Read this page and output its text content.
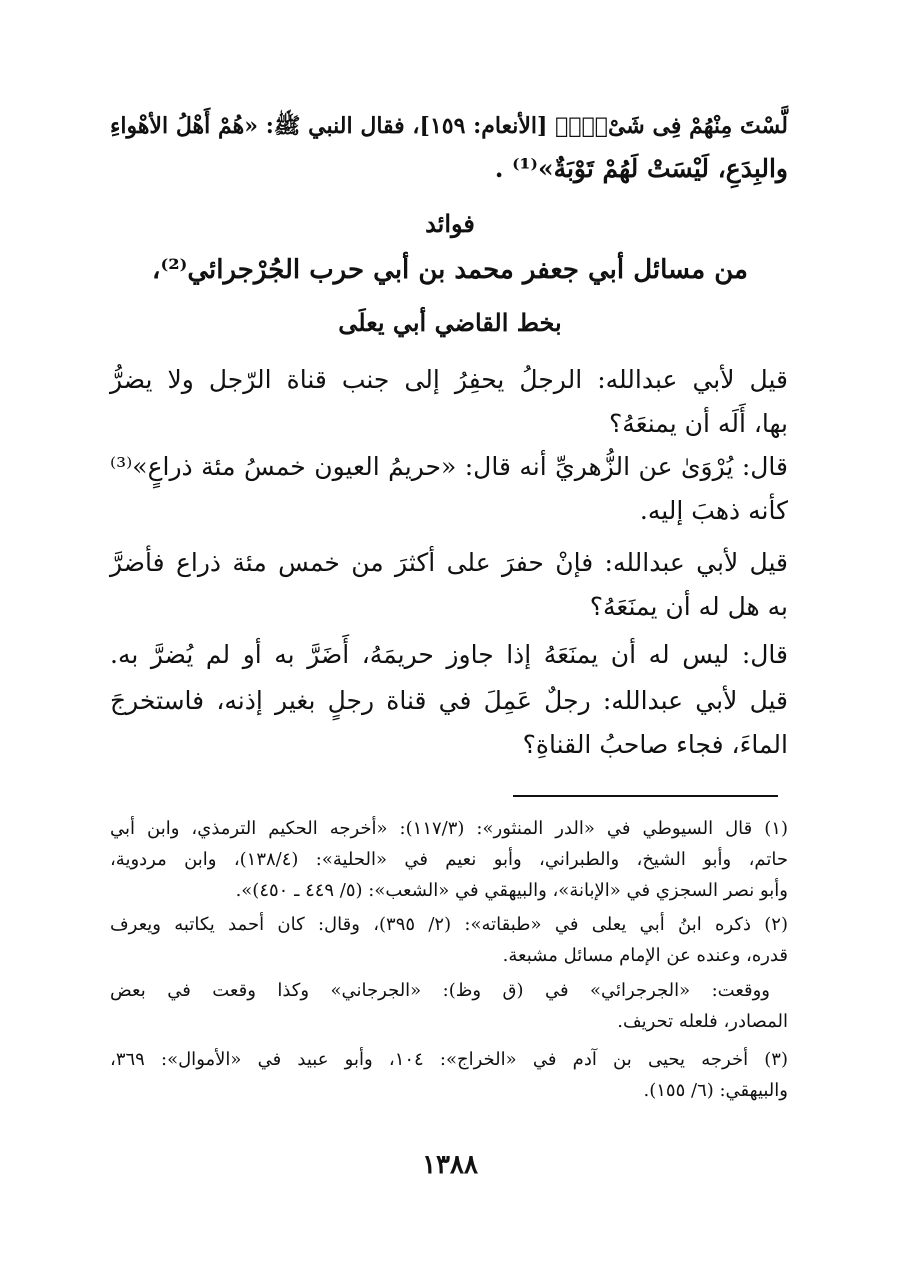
لَّسْتَ مِنْهُمْ فِى شَىْءٍۚ﴾ [الأنعام: ١٥٩]، فقال النبي ﷺ: «هُمْ أَهْلُ الأهْواءِ
والبِدَعِ، لَيْسَتْ لَهُمْ تَوْبَةٌ»⁽¹⁾ .
فوائد
من مسائل أبي جعفر محمد بن أبي حرب الجُرْجرائي⁽²⁾،
بخط القاضي أبي يعلَى
قيل لأبي عبدالله: الرجلُ يحفِرُ إلى جنب قناة الرّجل ولا يضرُّ
بها، أَلَه أن يمنعَهُ؟
قال: يُرْوَىٰ عن الزُّهريِّ أنه قال: «حريمُ العيون خمسُ مئة ذراعٍ»⁽³⁾
كأنه ذهبَ إليه.
قيل لأبي عبدالله: فإنْ حفرَ على أكثرَ من خمس مئة ذراع فأضرَّ
به هل له أن يمنَعَهُ؟
قال: ليس له أن يمنَعَهُ إذا جاوز حريمَهُ، أَضَرَّ به أو لم يُضرَّ به.
قيل لأبي عبدالله: رجلٌ عَمِلَ في قناة رجلٍ بغير إذنه، فاستخرجَ
الماءَ، فجاء صاحبُ القناةِ؟
(١) قال السيوطي في «الدر المنثور»: (١١٧/٣): «أخرجه الحكيم الترمذي، وابن أبي
حاتم، وأبو الشيخ، والطبراني، وأبو نعيم في «الحلية»: (١٣٨/٤)، وابن مردوية،
وأبو نصر السجزي في «الإبانة»، والبيهقي في «الشعب»: (٥/ ٤٤٩ ـ ٤٥٠)».
(٢) ذكره ابنُ أبي يعلى في «طبقاته»: (٢/ ٣٩٥)، وقال: كان أحمد يكاتبه ويعرف
قدره، وعنده عن الإمام مسائل مشبعة.
ووقعت: «الجرجرائي» في (ق وظ): «الجرجاني» وكذا وقعت في بعض
المصادر، فلعله تحريف.
(٣) أخرجه يحيى بن آدم في «الخراج»: ١٠٤، وأبو عبيد في «الأموال»: ٣٦٩،
والبيهقي: (٦/ ١٥٥).
١٣٨٨
